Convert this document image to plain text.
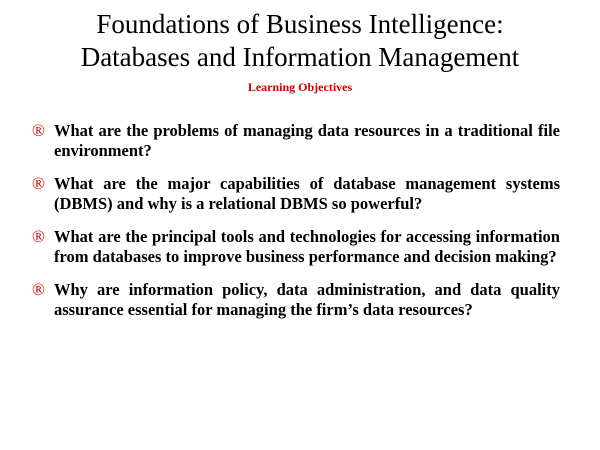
Foundations of Business Intelligence:
Databases and Information Management
Learning Objectives
® What are the problems of managing data resources in a traditional file environment?
® What are the major capabilities of database management systems (DBMS) and why is a relational DBMS so powerful?
® What are the principal tools and technologies for accessing information from databases to improve business performance and decision making?
® Why are information policy, data administration, and data quality assurance essential for managing the firm’s data resources?
